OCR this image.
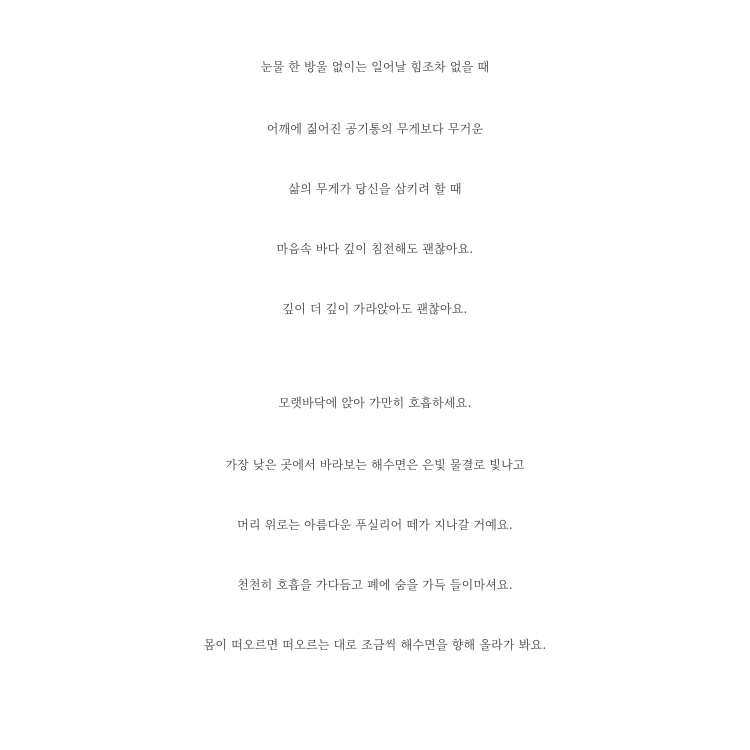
눈물 한 방울 없이는 일어날 힘조차 없을 때
어깨에 짊어진 공기통의 무게보다 무거운
삶의 무게가 당신을 삼키려 할 때
마음속 바다 깊이 침전해도 괜찮아요.
깊이 더 깊이 가라앉아도 괜찮아요.
모랫바닥에 앉아 가만히 호흡하세요.
가장 낮은 곳에서 바라보는 해수면은 은빛 물결로 빛나고
머리 위로는 아름다운 푸실리어 떼가 지나갈 거예요.
천천히 호흡을 가다듬고 폐에 숨을 가득 들이마셔요.
몸이 떠오르면 떠오르는 대로 조금씩 해수면을 향해 올라가 봐요.
